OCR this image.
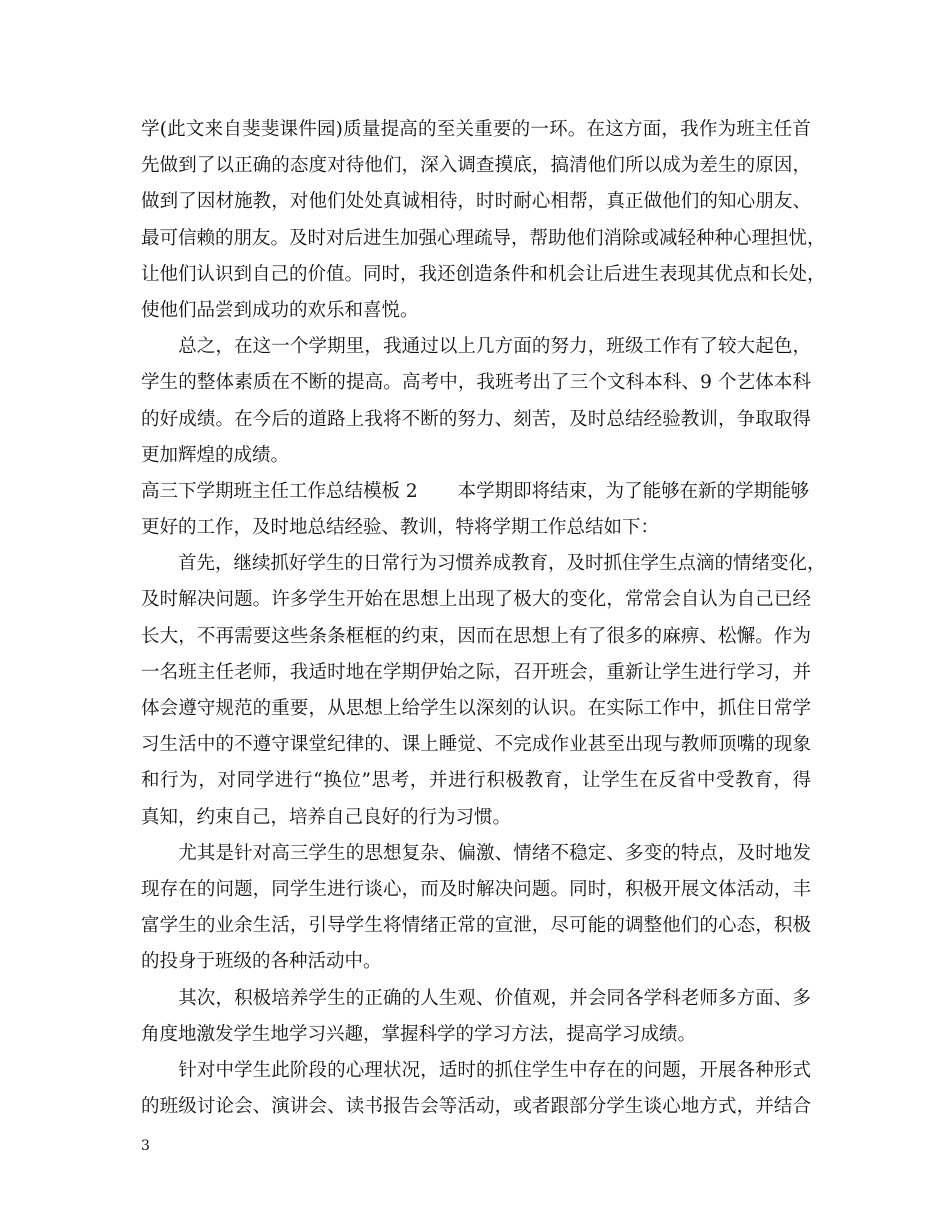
学(此文来自斐斐课件园)质量提高的至关重要的一环。在这方面，我作为班主任首
先做到了以正确的态度对待他们，深入调查摸底，搞清他们所以成为差生的原因，
做到了因材施教，对他们处处真诚相待，时时耐心相帮，真正做他们的知心朋友、
最可信赖的朋友。及时对后进生加强心理疏导，帮助他们消除或减轻种种心理担忧，
让他们认识到自己的价值。同时，我还创造条件和机会让后进生表现其优点和长处，
使他们品尝到成功的欢乐和喜悦。
　　总之，在这一个学期里，我通过以上几方面的努力，班级工作有了较大起色，
学生的整体素质在不断的提高。高考中，我班考出了三个文科本科、9 个艺体本科
的好成绩。在今后的道路上我将不断的努力、刻苦，及时总结经验教训，争取取得
更加辉煌的成绩。
高三下学期班主任工作总结模板 2 本学期即将结束，为了能够在新的学期能够
更好的工作，及时地总结经验、教训，特将学期工作总结如下：
　　首先，继续抓好学生的日常行为习惯养成教育，及时抓住学生点滴的情绪变化，
及时解决问题。许多学生开始在思想上出现了极大的变化，常常会自认为自己已经
长大，不再需要这些条条框框的约束，因而在思想上有了很多的麻痹、松懈。作为
一名班主任老师，我适时地在学期伊始之际，召开班会，重新让学生进行学习，并
体会遵守规范的重要，从思想上给学生以深刻的认识。在实际工作中，抓住日常学
习生活中的不遵守课堂纪律的、课上睡觉、不完成作业甚至出现与教师顶嘴的现象
和行为，对同学进行“换位”思考，并进行积极教育，让学生在反省中受教育，得
真知，约束自己，培养自己良好的行为习惯。
　　尤其是针对高三学生的思想复杂、偏激、情绪不稳定、多变的特点，及时地发
现存在的问题，同学生进行谈心，而及时解决问题。同时，积极开展文体活动，丰
富学生的业余生活，引导学生将情绪正常的宣泄，尽可能的调整他们的心态，积极
的投身于班级的各种活动中。
　　其次，积极培养学生的正确的人生观、价值观，并会同各学科老师多方面、多
角度地激发学生地学习兴趣，掌握科学的学习方法，提高学习成绩。
　　针对中学生此阶段的心理状况，适时的抓住学生中存在的问题，开展各种形式
的班级讨论会、演讲会、读书报告会等活动，或者跟部分学生谈心地方式，并结合
3
